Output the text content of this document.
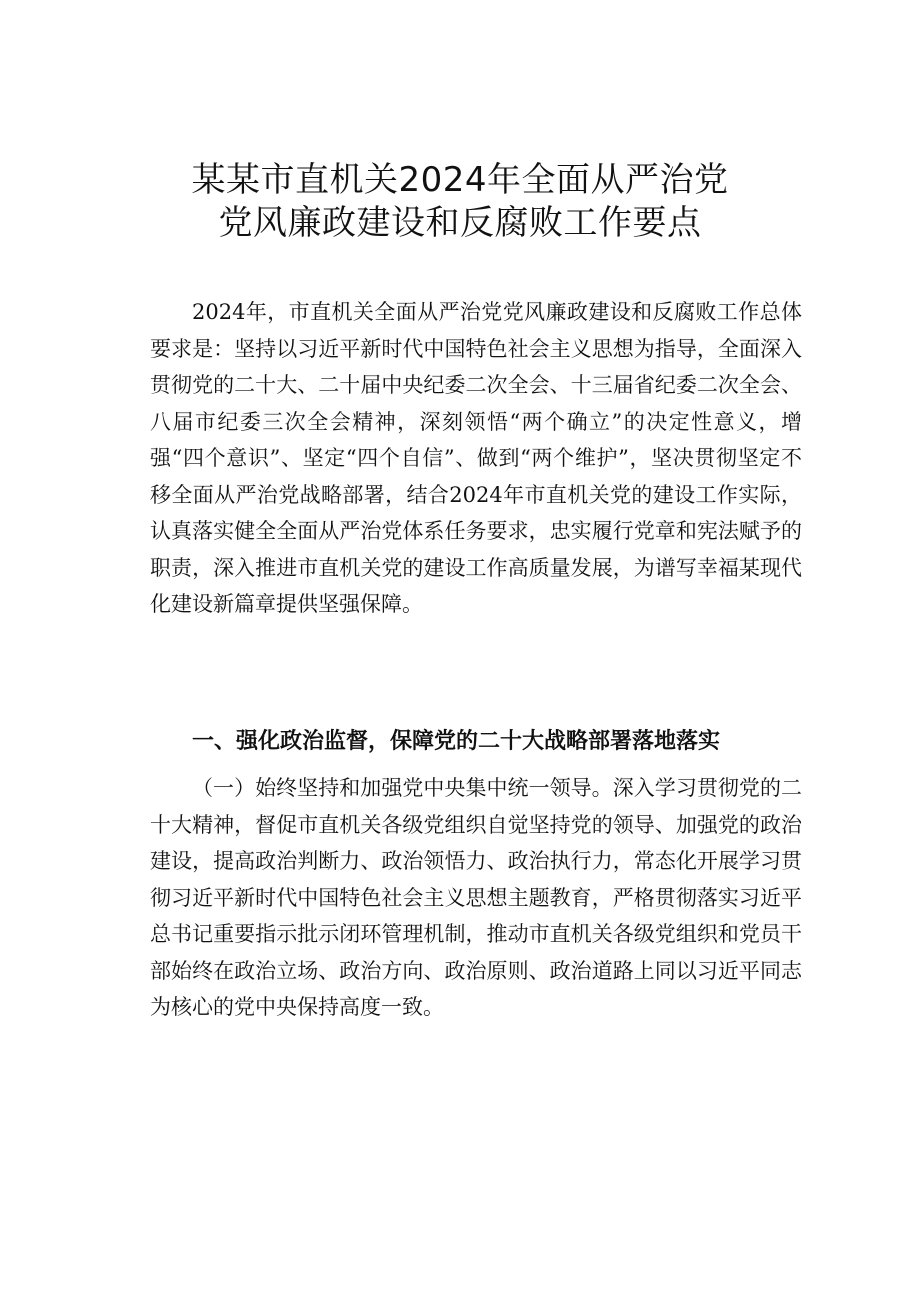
某某市直机关2024年全面从严治党
党风廉政建设和反腐败工作要点

2024年，市直机关全面从严治党党风廉政建设和反腐败工作总体要求是：坚持以习近平新时代中国特色社会主义思想为指导，全面深入贯彻党的二十大、二十届中央纪委二次全会、十三届省纪委二次全会、八届市纪委三次全会精神，深刻领悟“两个确立”的决定性意义，增强“四个意识”、坚定“四个自信”、做到“两个维护”，坚决贯彻坚定不移全面从严治党战略部署，结合2024年市直机关党的建设工作实际，认真落实健全全面从严治党体系任务要求，忠实履行党章和宪法赋予的职责，深入推进市直机关党的建设工作高质量发展，为谱写幸福某现代化建设新篇章提供坚强保障。

一、强化政治监督，保障党的二十大战略部署落地落实

（一）始终坚持和加强党中央集中统一领导。深入学习贯彻党的二十大精神，督促市直机关各级党组织自觉坚持党的领导、加强党的政治建设，提高政治判断力、政治领悟力、政治执行力，常态化开展学习贯彻习近平新时代中国特色社会主义思想主题教育，严格贯彻落实习近平总书记重要指示批示闭环管理机制，推动市直机关各级党组织和党员干部始终在政治立场、政治方向、政治原则、政治道路上同以习近平同志为核心的党中央保持高度一致。
